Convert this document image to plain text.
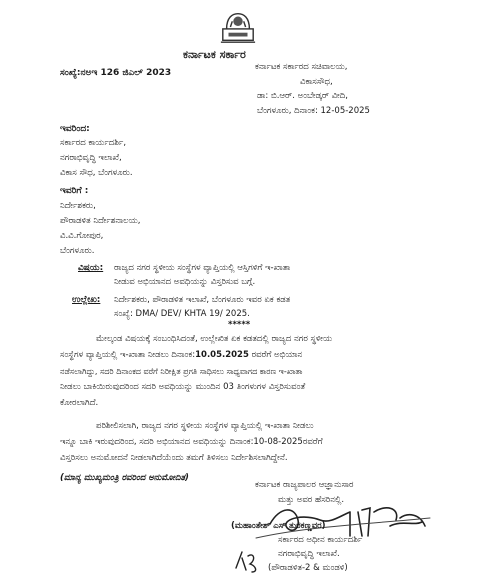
ಕರ್ನಾಟಕ ಸರ್ಕಾರ
ಸಂಖ್ಯೆ:ನಅಇ 126 ಜಿಎಲ್ 2023
ಕರ್ನಾಟಕ ಸರ್ಕಾರದ ಸಚಿವಾಲಯ,
ವಿಕಾಸಸೌಧ,
ಡಾ: ಬಿ.ಆರ್. ಅಂಬೇಡ್ಕರ್ ವೀದಿ,
ಬೆಂಗಳೂರು, ದಿನಾಂಕ: 12-05-2025
ಇವರಿಂದ:
ಸರ್ಕಾರದ ಕಾರ್ಯದರ್ಶಿ,
ನಗರಾಭಿವೃದ್ಧಿ ಇಲಾಖೆ,
ವಿಕಾಸ ಸೌಧ, ಬೆಂಗಳೂರು.
ಇವರಿಗೆ :
ನಿರ್ದೇಶಕರು,
ಪೌರಾಡಳಿತ ನಿರ್ದೇಶನಾಲಯ,
ವಿ.ವಿ.ಗೋಪುರ,
ಬೆಂಗಳೂರು.
ವಿಷಯ: ರಾಜ್ಯದ ನಗರ ಸ್ಥಳೀಯ ಸಂಸ್ಥೆಗಳ ವ್ಯಾಪ್ತಿಯಲ್ಲಿ ಆಸ್ತಿಗಳಿಗೆ ಇ-ಖಾತಾ
ನೀಡುವ ಅಭಿಯಾನದ ಅವಧಿಯನ್ನು ವಿಸ್ತರಿಸುವ ಬಗ್ಗೆ.
ಉಲ್ಲೇಖ: ನಿರ್ದೇಶಕರು, ಪೌರಾಡಳಿತ ಇಲಾಖೆ, ಬೆಂಗಳೂರು ಇವರ ಏಕ ಕಡತ
ಸಂಖ್ಯೆ: DMA/ DEV/ KHTA 19/ 2025.
*****
ಮೇಲ್ಕಂಡ ವಿಷಯಕ್ಕೆ ಸಂಬಂಧಿಸಿದಂತೆ, ಉಲ್ಲೇಖಿತ ಏಕ ಕಡತದಲ್ಲಿ ರಾಜ್ಯದ ನಗರ ಸ್ಥಳೀಯ
ಸಂಸ್ಥೆಗಳ ವ್ಯಾಪ್ತಿಯಲ್ಲಿ ಇ-ಖಾತಾ ನೀಡಲು ದಿನಾಂಕ:10.05.2025 ರವರೆಗೆ ಅಭಿಯಾನ
ನಡೆಸಲಾಗಿದ್ದು, ಸದರಿ ದಿನಾಂಕದ ವರೆಗೆ ನಿರೀಕ್ಷಿತ ಪ್ರಗತಿ ಸಾಧಿಸಲು ಸಾಧ್ಯವಾಗದ ಕಾರಣ ಇ-ಖಾತಾ
ನೀಡಲು ಬಾಕಿಯಿರುವುದರಿಂದ ಸದರಿ ಅವಧಿಯನ್ನು ಮುಂದಿನ 03 ತಿಂಗಳುಗಳ ವಿಸ್ತರಿಸುವಂತೆ
ಕೋರಲಾಗಿದೆ.
ಪರಿಶೀಲಿಸಲಾಗಿ, ರಾಜ್ಯದ ನಗರ ಸ್ಥಳೀಯ ಸಂಸ್ಥೆಗಳ ವ್ಯಾಪ್ತಿಯಲ್ಲಿ ಇ-ಖಾತಾ ನೀಡಲು
ಇನ್ನೂ ಬಾಕಿ ಇರುವುದರಿಂದ, ಸದರಿ ಅಭಿಯಾನದ ಅವಧಿಯನ್ನು ದಿನಾಂಕ:10-08-2025ರವರೆಗೆ
ವಿಸ್ತರಿಸಲು ಅನುಮೋದನೆ ನೀಡಲಾಗಿದೆಯೆಂದು ತಮಗೆ ತಿಳಿಸಲು ನಿರ್ದೇಶಿಸಲಾಗಿದ್ದೇನೆ.
(ಮಾನ್ಯ ಮುಖ್ಯಮಂತ್ರಿ ರವರಿಂದ ಅನುಮೋದಿತ)
ಕರ್ನಾಟಕ ರಾಜ್ಯಪಾಲರ ಆಜ್ಞಾನುಸಾರ
ಮತ್ತು ಅವರ ಹೆಸರಿನಲ್ಲಿ.
(ಮಹಾಂತೇಶ್ ಎಸ್ ತುರಕಣ್ಣವರ)
ಸರ್ಕಾರದ ಅಧೀನ ಕಾರ್ಯದರ್ಶಿ
ನಗರಾಭಿವೃದ್ಧಿ ಇಲಾಖೆ.
(ಪೌರಾಡಳಿತ-2 & ಮಂಡಳಿ)
